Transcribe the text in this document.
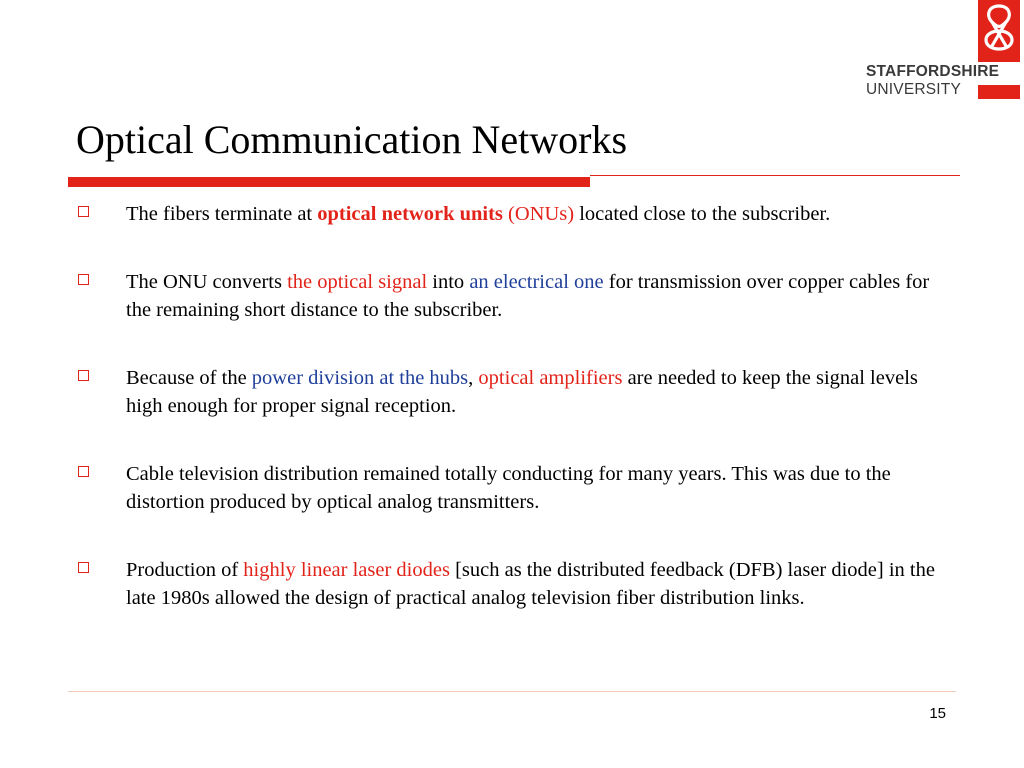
STAFFORDSHIRE
UNIVERSITY
Optical Communication Networks
The fibers terminate at optical network units (ONUs) located close to the subscriber.
The ONU converts the optical signal into an electrical one for transmission over copper cables for the remaining short distance to the subscriber.
Because of the power division at the hubs, optical amplifiers are needed to keep the signal levels high enough for proper signal reception.
Cable television distribution remained totally conducting for many years. This was due to the distortion produced by optical analog transmitters.
Production of highly linear laser diodes [such as the distributed feedback (DFB) laser diode] in the late 1980s allowed the design of practical analog television fiber distribution links.
15
